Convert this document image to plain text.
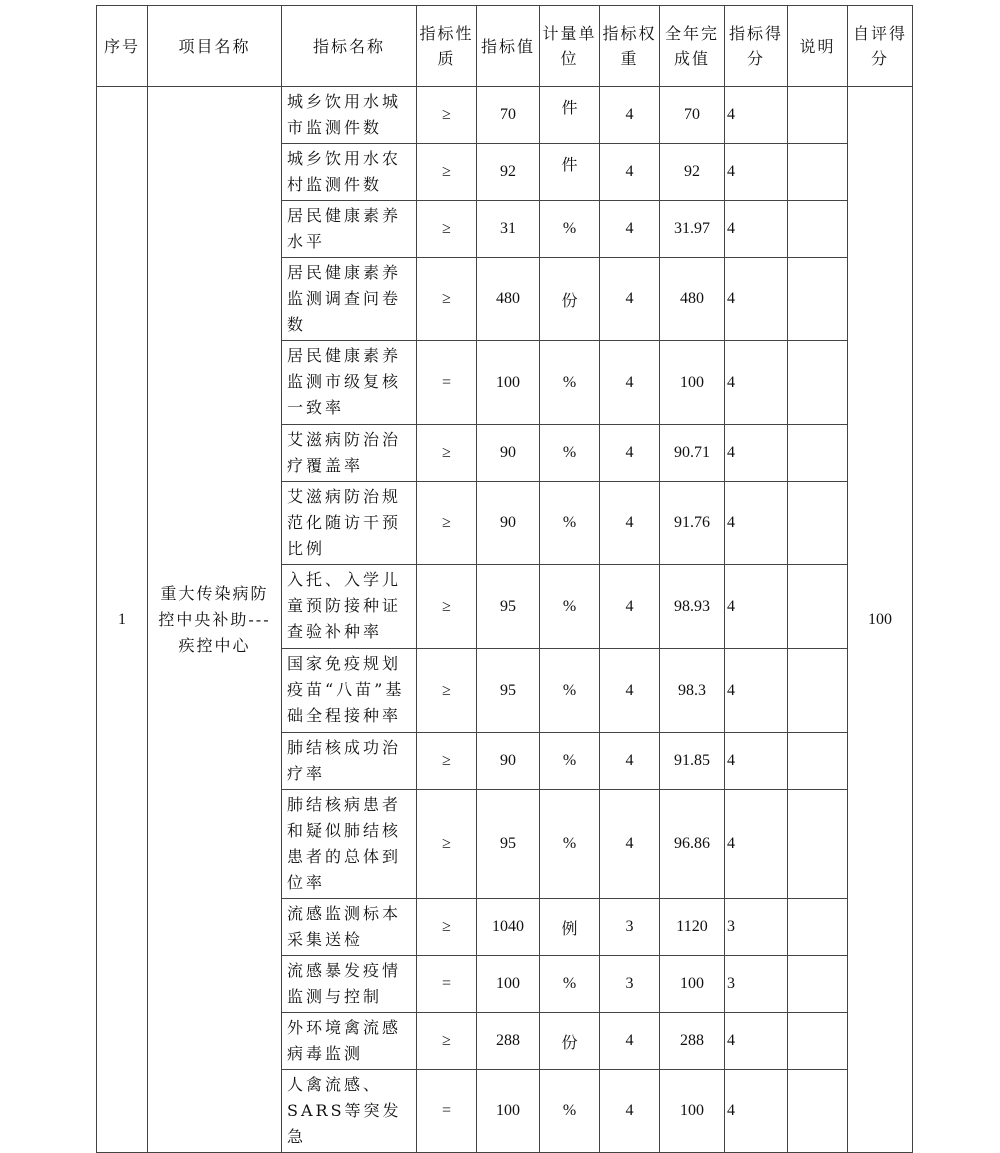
序号	项目名称	指标名称	指标性质	指标值	计量单位	指标权重	全年完成值	指标得分	说明	自评得分
1	重大传染病防控中央补助---疾控中心	城乡饮用水城市监测件数	≥	70	件	4	70	4		100
		城乡饮用水农村监测件数	≥	92	件	4	92	4		
		居民健康素养水平	≥	31	%	4	31.97	4		
		居民健康素养监测调查问卷数	≥	480	份	4	480	4		
		居民健康素养监测市级复核一致率	=	100	%	4	100	4		
		艾滋病防治治疗覆盖率	≥	90	%	4	90.71	4		
		艾滋病防治规范化随访干预比例	≥	90	%	4	91.76	4		
		入托、入学儿童预防接种证查验补种率	≥	95	%	4	98.93	4		
		国家免疫规划疫苗“八苗”基础全程接种率	≥	95	%	4	98.3	4		
		肺结核成功治疗率	≥	90	%	4	91.85	4		
		肺结核病患者和疑似肺结核患者的总体到位率	≥	95	%	4	96.86	4		
		流感监测标本采集送检	≥	1040	例	3	1120	3		
		流感暴发疫情监测与控制	=	100	%	3	100	3		
		外环境禽流感病毒监测	≥	288	份	4	288	4		
		人禽流感、SARS等突发急	=	100	%	4	100	4		
